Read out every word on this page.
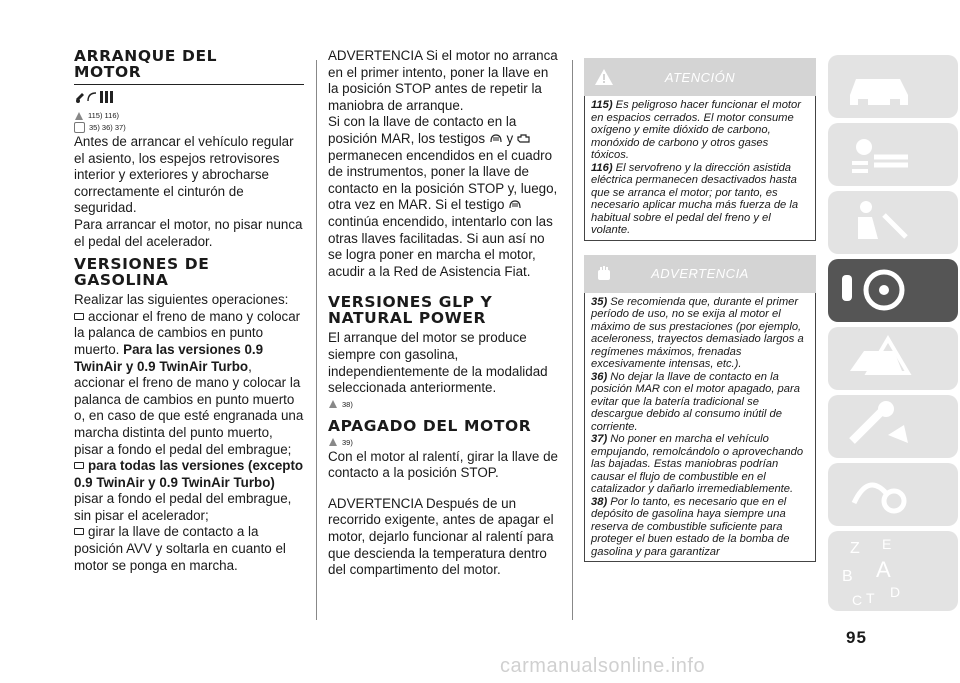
ARRANQUE DEL MOTOR
115) 116)
35) 36) 37)

Antes de arrancar el vehículo regular el asiento, los espejos retrovisores interior y exteriores y abrocharse correctamente el cinturón de seguridad.

Para arrancar el motor, no pisar nunca el pedal del acelerador.

VERSIONES DE GASOLINA

Realizar las siguientes operaciones:

accionar el freno de mano y colocar la palanca de cambios en punto muerto. Para las versiones 0.9 TwinAir y 0.9 TwinAir Turbo, accionar el freno de mano y colocar la palanca de cambios en punto muerto o, en caso de que esté engranada una marcha distinta del punto muerto, pisar a fondo el pedal del embrague;

para todas las versiones (excepto 0.9 TwinAir y 0.9 TwinAir Turbo) pisar a fondo el pedal del embrague, sin pisar el acelerador;

girar la llave de contacto a la posición AVV y soltarla en cuanto el motor se ponga en marcha.

ADVERTENCIA Si el motor no arranca en el primer intento, poner la llave en la posición STOP antes de repetir la maniobra de arranque.

Si con la llave de contacto en la posición MAR, los testigos y  permanecen encendidos en el cuadro de instrumentos, poner la llave de contacto en la posición STOP y, luego, otra vez en MAR. Si el testigo  continúa encendido, intentarlo con las otras llaves facilitadas. Si aun así no se logra poner en marcha el motor, acudir a la Red de Asistencia Fiat.

VERSIONES GLP Y NATURAL POWER

El arranque del motor se produce siempre con gasolina, independientemente de la modalidad seleccionada anteriormente.

38)
APAGADO DEL MOTOR
39)

Con el motor al ralentí, girar la llave de contacto a la posición STOP.

ADVERTENCIA Después de un recorrido exigente, antes de apagar el motor, dejarlo funcionar al ralentí para que descienda la temperatura dentro del compartimento del motor.

ATENCIÓN

115) Es peligroso hacer funcionar el motor en espacios cerrados. El motor consume oxígeno y emite dióxido de carbono, monóxido de carbono y otros gases tóxicos.

116) El servofreno y la dirección asistida eléctrica permanecen desactivados hasta que se arranca el motor; por tanto, es necesario aplicar mucha más fuerza de la habitual sobre el pedal del freno y el volante.

ADVERTENCIA

35) Se recomienda que, durante el primer período de uso, no se exija al motor el máximo de sus prestaciones (por ejemplo, aceleroness, trayectos demasiado largos a regímenes máximos, frenadas excesivamente intensas, etc.).

36) No dejar la llave de contacto en la posición MAR con el motor apagado, para evitar que la batería tradicional se descargue debido al consumo inútil de corriente.

37) No poner en marcha el vehículo empujando, remolcándolo o aprovechando las bajadas. Estas maniobras podrían causar el flujo de combustible en el catalizador y dañarlo irremediablemente.

38) Por lo tanto, es necesario que en el depósito de gasolina haya siempre una reserva de combustible suficiente para proteger el buen estado de la bomba de gasolina y para garantizar	Z E
B A
C T D
95
carmanualsonline.info
